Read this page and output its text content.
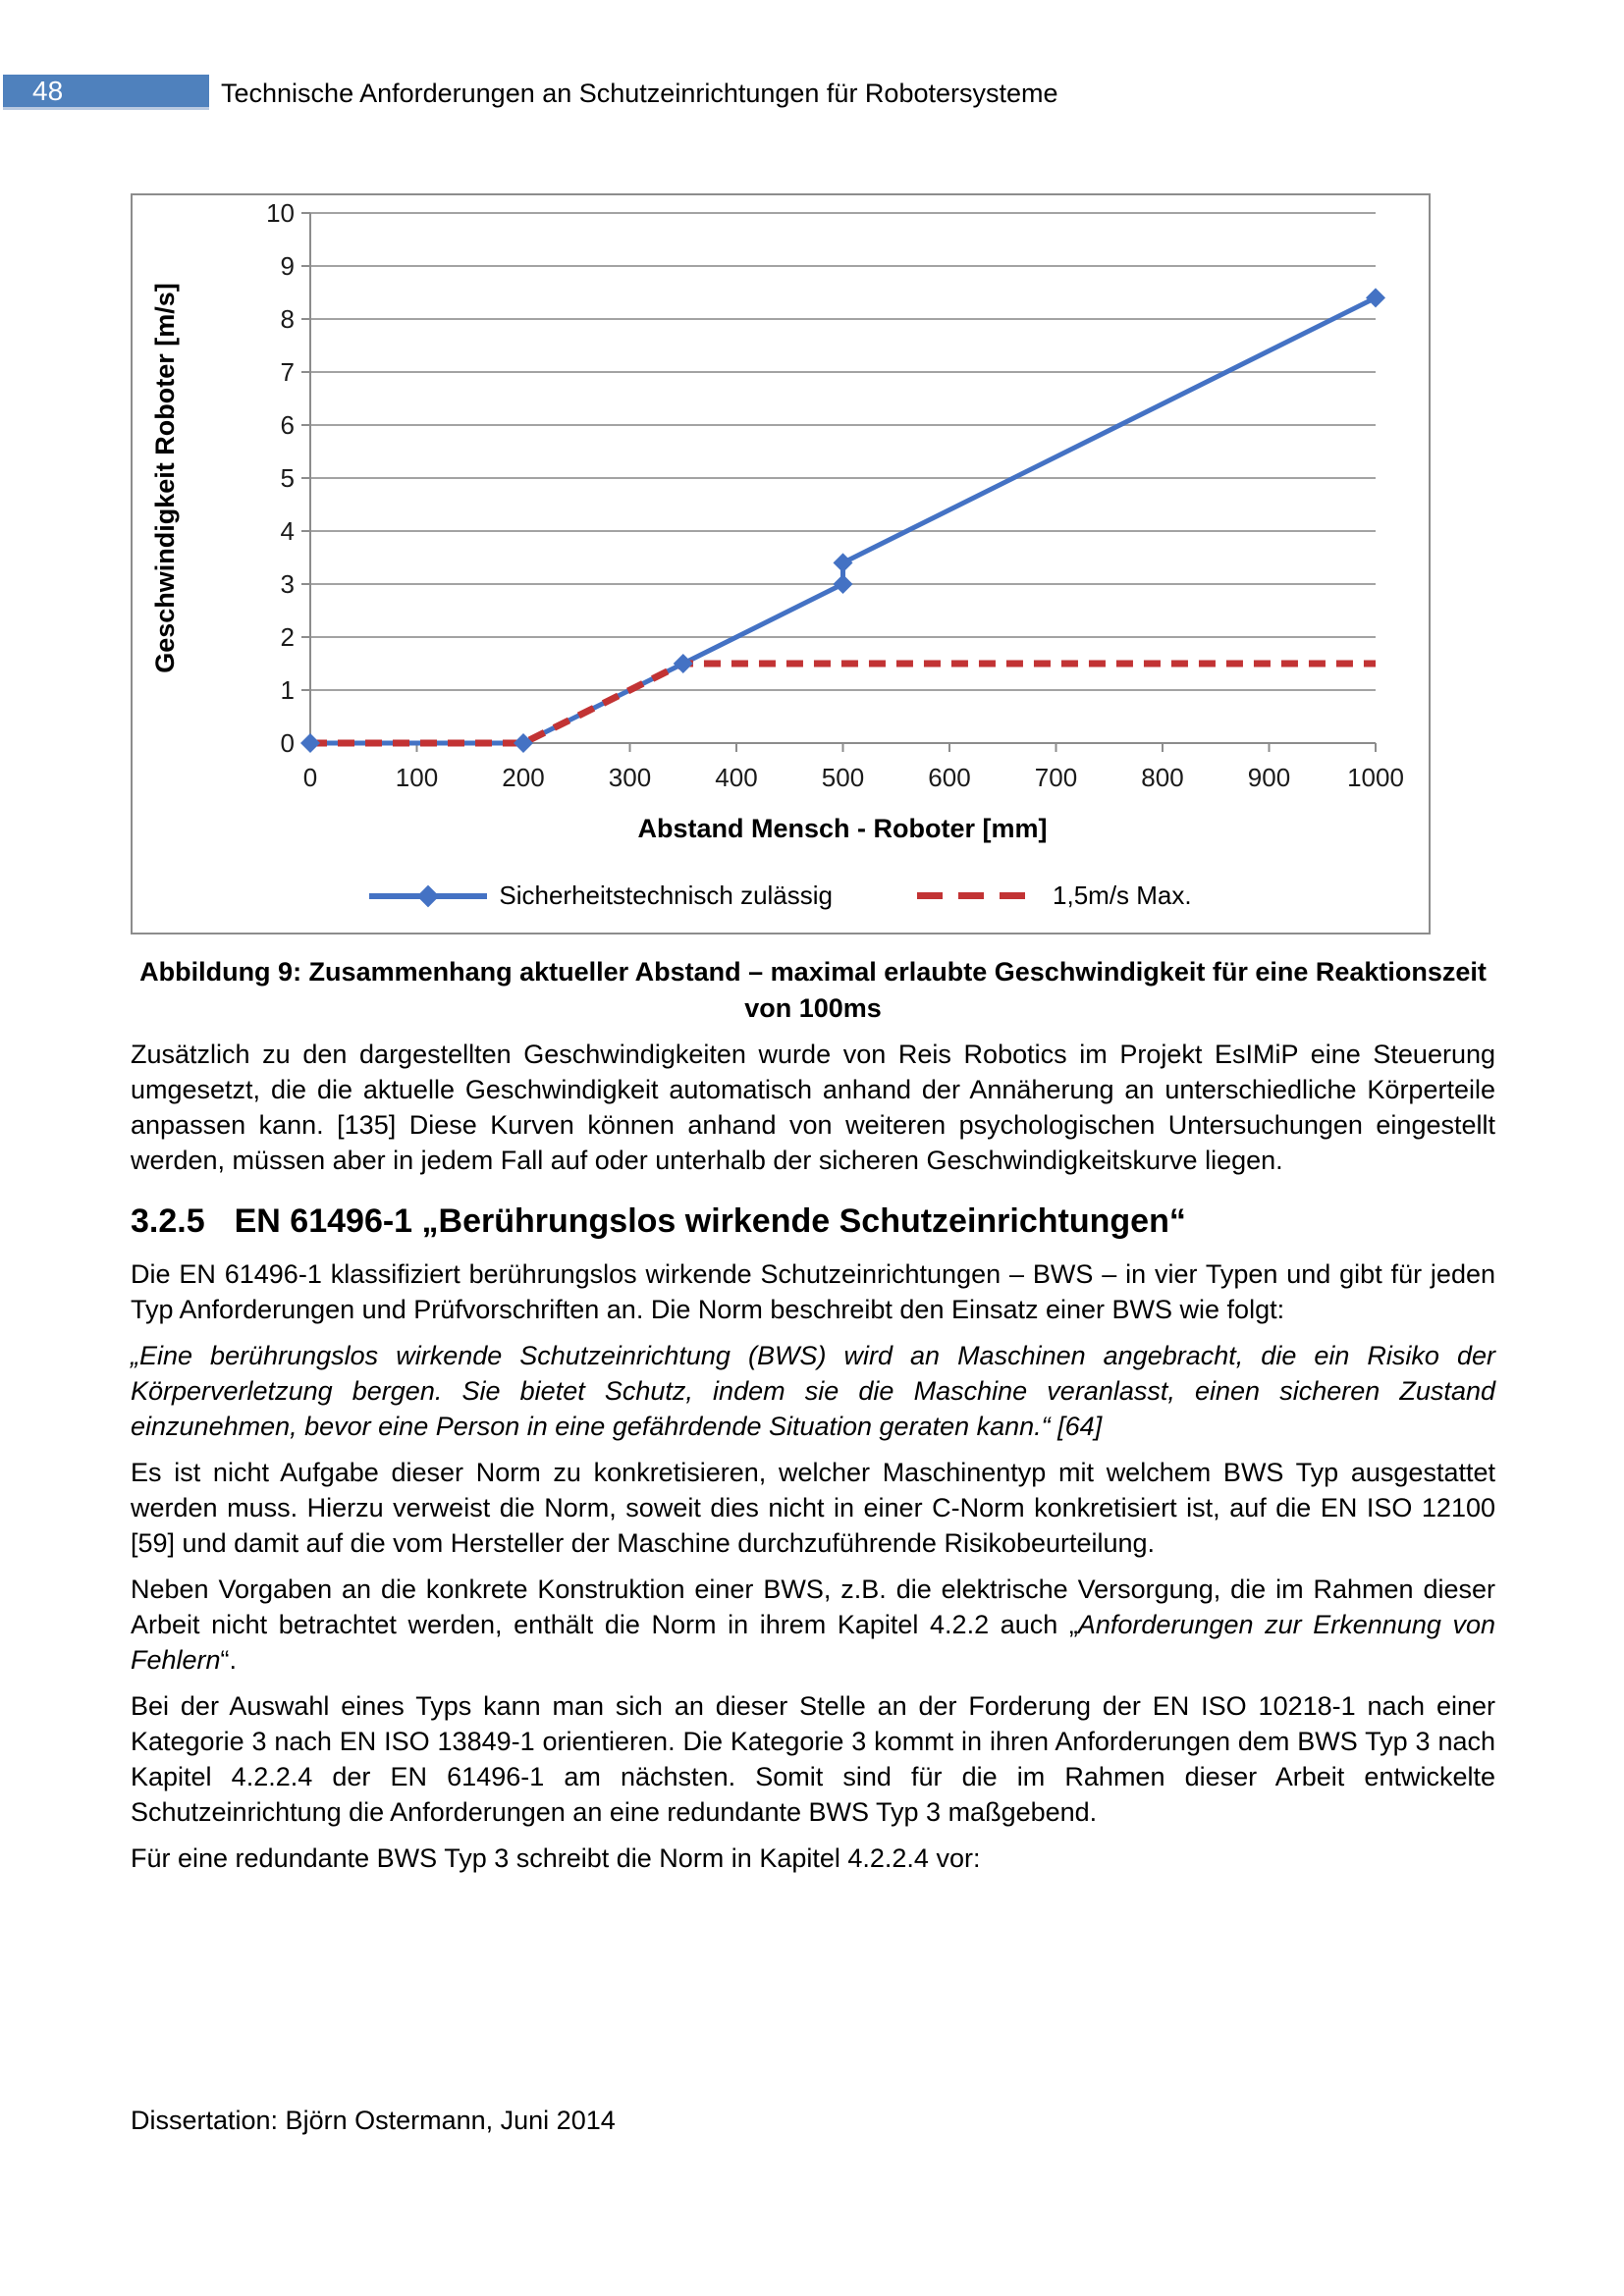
48	Technische Anforderungen an Schutzeinrichtungen für Robotersysteme
0
1
2
3
4
5
6
7
8
9
10
0	100	200	300	400	500	600	700	800	900 1000
Geschwindigkeit Roboter [m/s]
Abstand Mensch - Roboter [mm]
Sicherheitstechnisch zulässig	1,5m/s Max.
Abbildung 9: Zusammenhang aktueller Abstand – maximal erlaubte Geschwindigkeit für eine Reaktionszeit von 100ms

Zusätzlich zu den dargestellten Geschwindigkeiten wurde von Reis Robotics im Projekt EsIMiP eine Steuerung umgesetzt, die die aktuelle Geschwindigkeit automatisch anhand der Annäherung an unterschiedliche Körperteile anpassen kann. [135] Diese Kurven können anhand von weiteren psychologischen Untersuchungen eingestellt werden, müssen aber in jedem Fall auf oder unterhalb der sicheren Geschwindigkeitskurve liegen.

3.2.5 EN 61496-1 „Berührungslos wirkende Schutzeinrichtungen“

Die EN 61496-1 klassifiziert berührungslos wirkende Schutzeinrichtungen – BWS – in vier Typen und gibt für jeden Typ Anforderungen und Prüfvorschriften an. Die Norm beschreibt den Einsatz einer BWS wie folgt:

„Eine berührungslos wirkende Schutzeinrichtung (BWS) wird an Maschinen angebracht, die ein Risiko der Körperverletzung bergen. Sie bietet Schutz, indem sie die Maschine veranlasst, einen sicheren Zustand einzunehmen, bevor eine Person in eine gefährdende Situation geraten kann.“ [64]

Es ist nicht Aufgabe dieser Norm zu konkretisieren, welcher Maschinentyp mit welchem BWS Typ ausgestattet werden muss. Hierzu verweist die Norm, soweit dies nicht in einer C-Norm konkretisiert ist, auf die EN ISO 12100 [59] und damit auf die vom Hersteller der Maschine durchzuführende Risikobeurteilung.

Neben Vorgaben an die konkrete Konstruktion einer BWS, z.B. die elektrische Versorgung, die im Rahmen dieser Arbeit nicht betrachtet werden, enthält die Norm in ihrem Kapitel 4.2.2 auch „Anforderungen zur Erkennung von Fehlern“.

Bei der Auswahl eines Typs kann man sich an dieser Stelle an der Forderung der EN ISO 10218-1 nach einer Kategorie 3 nach EN ISO 13849-1 orientieren. Die Kategorie 3 kommt in ihren Anforderungen dem BWS Typ 3 nach Kapitel 4.2.2.4 der EN 61496-1 am nächsten. Somit sind für die im Rahmen dieser Arbeit entwickelte Schutzeinrichtung die Anforderungen an eine redundante BWS Typ 3 maßgebend.

Für eine redundante BWS Typ 3 schreibt die Norm in Kapitel 4.2.2.4 vor:

Dissertation: Björn Ostermann, Juni 2014
